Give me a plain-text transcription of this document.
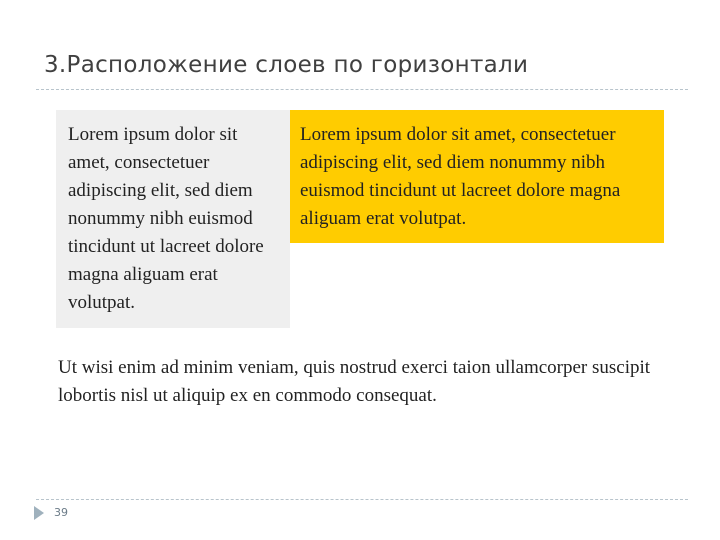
3.Расположение слоев по горизонтали

Lorem ipsum dolor sit amet, consectetuer adipiscing elit, sed diem nonummy nibh euismod tincidunt ut lacreet dolore magna aliguam erat volutpat.

Lorem ipsum dolor sit amet, consectetuer adipiscing elit, sed diem nonummy nibh euismod tincidunt ut lacreet dolore magna aliguam erat volutpat.

Ut wisi enim ad minim veniam, quis nostrud exerci taion ullamcorper suscipit lobortis nisl ut aliquip ex en commodo consequat.

39
